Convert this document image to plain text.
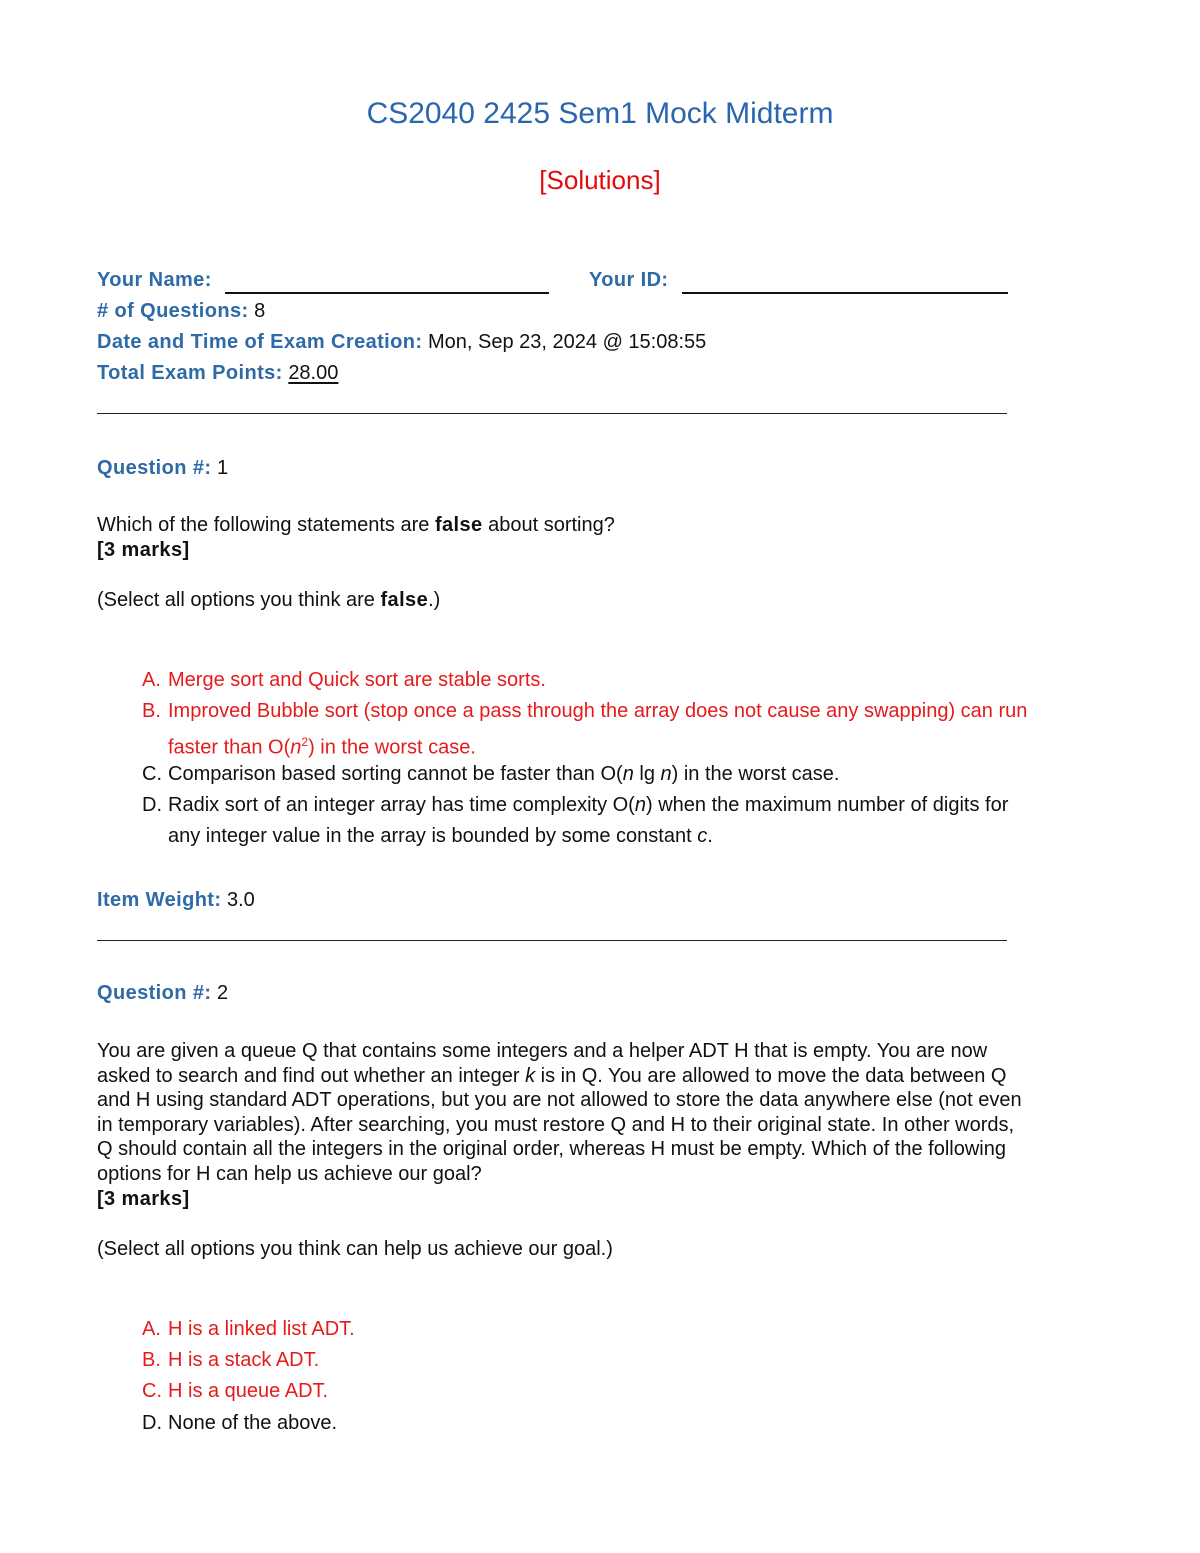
CS2040 2425 Sem1 Mock Midterm
[Solutions]
Your Name:	Your ID:
# of Questions: 8
Date and Time of Exam Creation: Mon, Sep 23, 2024 @ 15:08:55
Total Exam Points: 28.00
Question #: 1
Which of the following statements are false about sorting?
[3 marks]
(Select all options you think are false.)
A. Merge sort and Quick sort are stable sorts.
B. Improved Bubble sort (stop once a pass through the array does not cause any swapping) can run
faster than $O(n^2)$ in the worst case.
C. Comparison based sorting cannot be faster than O(n lg n) in the worst case.
D. Radix sort of an integer array has time complexity O(n) when the maximum number of digits for
any integer value in the array is bounded by some constant c.
Item Weight: 3.0
Question #: 2
You are given a queue Q that contains some integers and a helper ADT H that is empty. You are now
asked to search and find out whether an integer k is in Q. You are allowed to move the data between Q
and H using standard ADT operations, but you are not allowed to store the data anywhere else (not even
in temporary variables). After searching, you must restore Q and H to their original state. In other words,
Q should contain all the integers in the original order, whereas H must be empty. Which of the following
options for H can help us achieve our goal?
[3 marks]
(Select all options you think can help us achieve our goal.)
A. H is a linked list ADT.
B. H is a stack ADT.
C. H is a queue ADT.
D. None of the above.
